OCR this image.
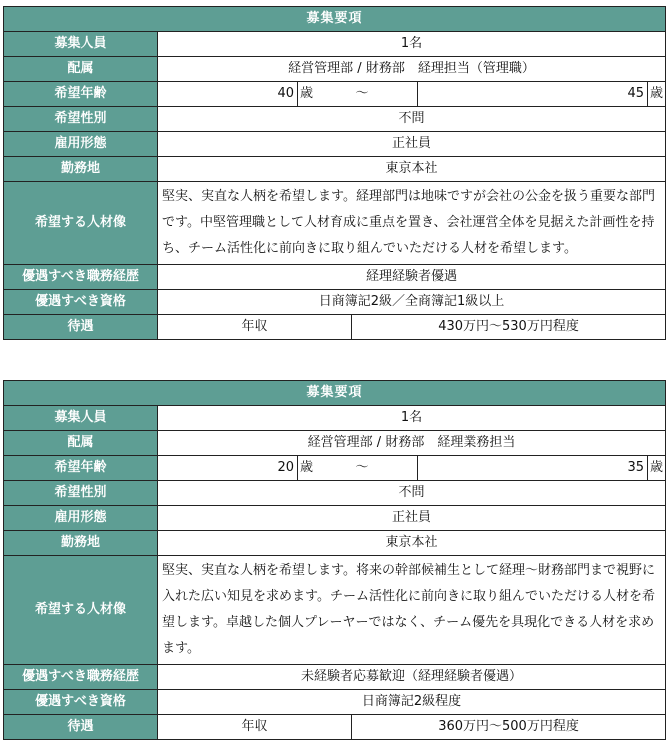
募集要項					
募集人員	1名				
配属	経営管理部 / 財務部　経理担当（管理職）				
希望年齢	40	歳	〜	45	歳
希望性別	不問				
雇用形態	正社員				
勤務地	東京本社				
希望する人材像	堅実、実直な人柄を希望します。経理部門は地味ですが会社の公金を扱う重要な部門です。中堅管理職として人材育成に重点を置き、会社運営全体を見据えた計画性を持ち、チーム活性化に前向きに取り組んでいただける人材を希望します。				
優遇すべき職務経歴	経理経験者優遇				
優遇すべき資格	日商簿記2級／全商簿記1級以上				
待遇	年収		430万円〜530万円程度		
募集要項					
募集人員	1名				
配属	経営管理部 / 財務部　経理業務担当				
希望年齢	20	歳	〜	35	歳
希望性別	不問				
雇用形態	正社員				
勤務地	東京本社				
希望する人材像	堅実、実直な人柄を希望します。将来の幹部候補生として経理〜財務部門まで視野に入れた広い知見を求めます。チーム活性化に前向きに取り組んでいただける人材を希望します。卓越した個人プレーヤーではなく、チーム優先を具現化できる人材を求めます。				
優遇すべき職務経歴	未経験者応募歓迎（経理経験者優遇）				
優遇すべき資格	日商簿記2級程度				
待遇	年収		360万円〜500万円程度		
